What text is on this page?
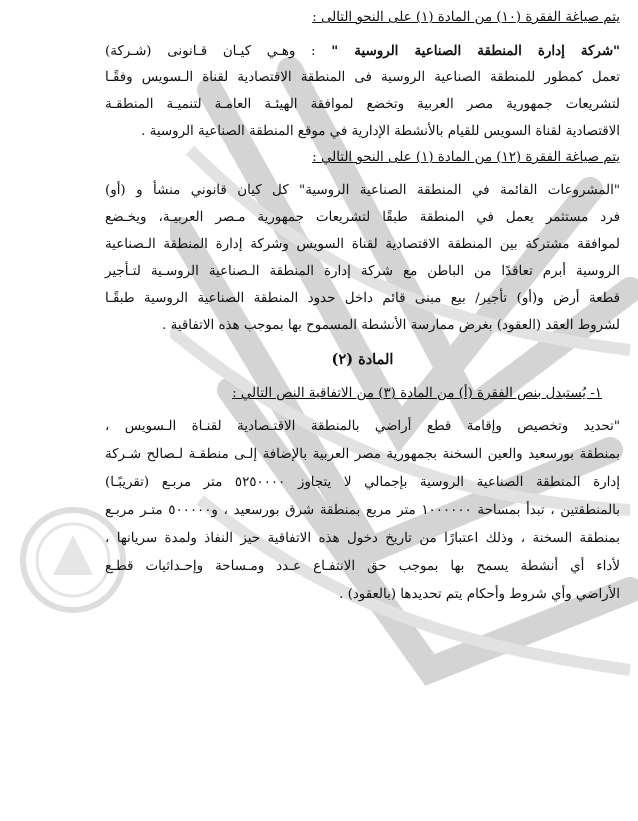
يتم صياغة الفقرة (١٠) من المادة (١) على النحو التالى :
"شركة إدارة المنطقة الصناعية الروسية " : وهـي كيـان قـانونى (شـركة)
تعمل كمطور للمنطقة الصناعية الروسية فى المنطقة الاقتصادية لقناة الـسويس وفقًـا
لتشريعات جمهورية مصر العربية وتخضع لموافقة الهيئـة العامـة لتنميـة المنطقـة
الاقتصادية لقناة السويس للقيام بالأنشطة الإدارية في موقع المنطقة الصناعية الروسية .
يتم صياغة الفقرة (١٢) من المادة (١) على النحو التالي :
"المشروعات القائمة في المنطقة الصناعية الروسية" كل كيان قانوني منشأ و (أو)
فرد مستثمر يعمل في المنطقة طبقًا لتشريعات جمهورية مـصر العربيـة، ويخـضع
لموافقة مشتركة بين المنطقة الاقتصادية لقناة السويس وشركة إدارة المنطقة الـصناعية
الروسية أبرم تعاقدًا من الباطن مع شركة إدارة المنطقة الـصناعية الروسـية لتـأجير
قطعة أرض و(أو) تأجير/ بيع مبنى قائم داخل حدود المنطقة الصناعية الروسية طبقًـا
لشروط العقد (العقود) بغرض ممارسة الأنشطة المسموح بها بموجب هذه الاتفاقية .
المادة (٢)
١- يُستبدل بنص الفقرة (أ) من المادة (٣) من الاتفاقية النص التالي :
"تحديد وتخصيص وإقامة قطع أراضي بالمنطقة الاقتـصادية لقنـاة الـسويس ،
بمنطقة بورسعيد والعين السخنة بجمهورية مصر العربية بالإضافة إلـى منطقـة لـصالح شـركة
إدارة المنطقة الصناعية الروسية بإجمالي لا يتجاوز ٥٢٥٠٠٠٠ متر مربـع (تقريبًـا)
بالمنطقتين ، تبدأ بمساحة ١٠٠٠٠٠٠ متر مربع بمنطقة شرق بورسعيد ، و٥٠٠٠٠٠ متـر مربـع
بمنطقة السخنة ، وذلك اعتبارًا من تاريخ دخول هذه الاتفاقية حيز النفاذ ولمدة سريانها ،
لأداء أي أنشطة يسمح بها بموجب حق الانتفـاع عـدد ومـساحة وإحـداثيات قطـع
الأراضي وأي شروط وأحكام يتم تحديدها (بالعقود) .
